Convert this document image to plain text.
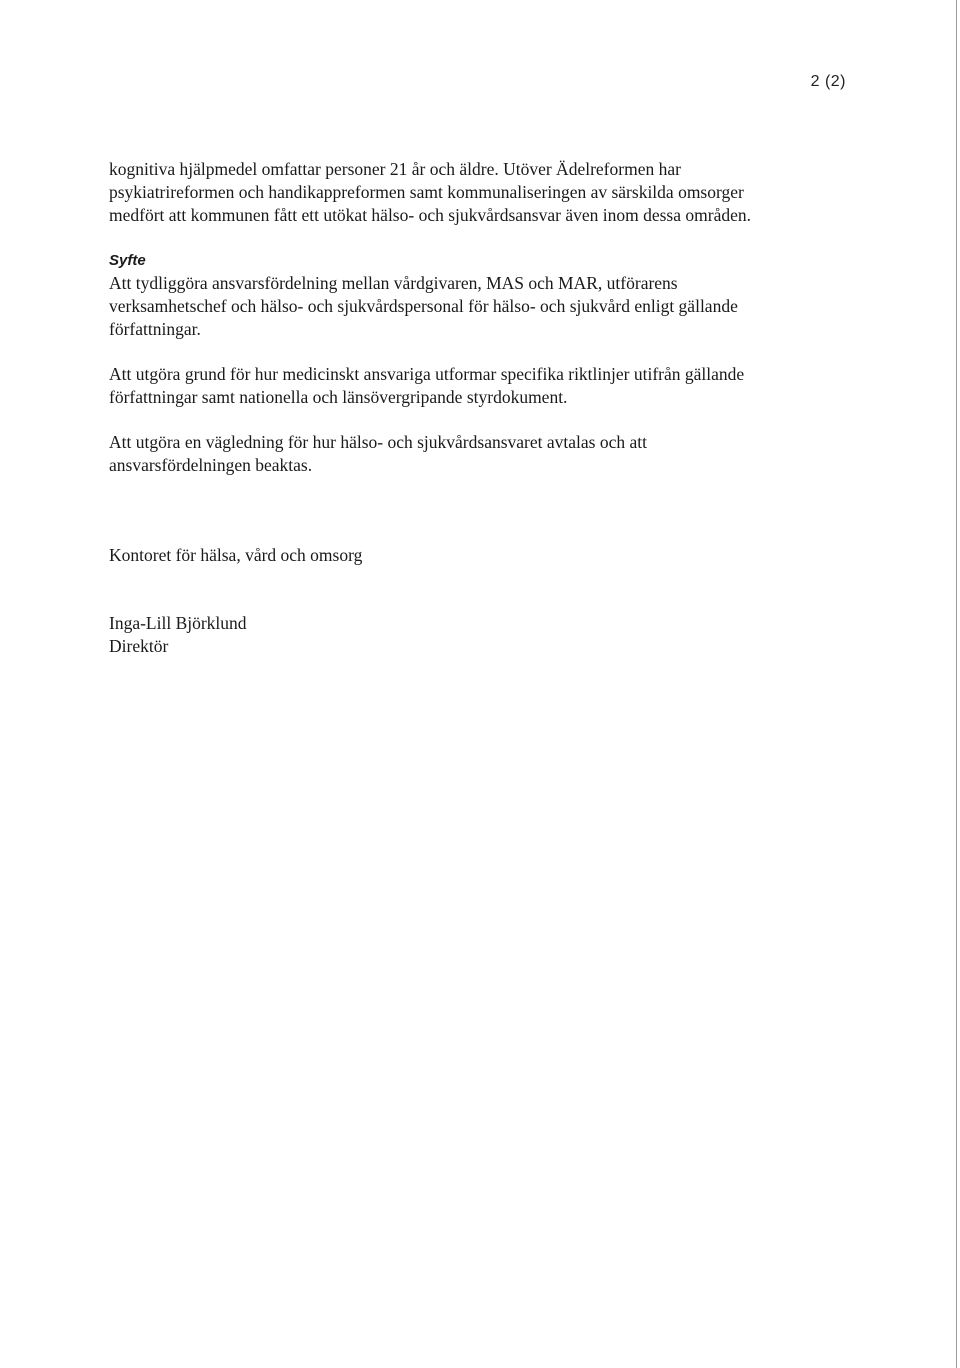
2 (2)

kognitiva hjälpmedel omfattar personer 21 år och äldre. Utöver Ädelreformen har
psykiatrireformen och handikappreformen samt kommunaliseringen av särskilda omsorger
medfört att kommunen fått ett utökat hälso- och sjukvårdsansvar även inom dessa områden.

Syfte

Att tydliggöra ansvarsfördelning mellan vårdgivaren, MAS och MAR, utförarens
verksamhetschef och hälso- och sjukvårdspersonal för hälso- och sjukvård enligt gällande
författningar.

Att utgöra grund för hur medicinskt ansvariga utformar specifika riktlinjer utifrån gällande
författningar samt nationella och länsövergripande styrdokument.

Att utgöra en vägledning för hur hälso- och sjukvårdsansvaret avtalas och att
ansvarsfördelningen beaktas.

Kontoret för hälsa, vård och omsorg

Inga-Lill Björklund

Direktör
